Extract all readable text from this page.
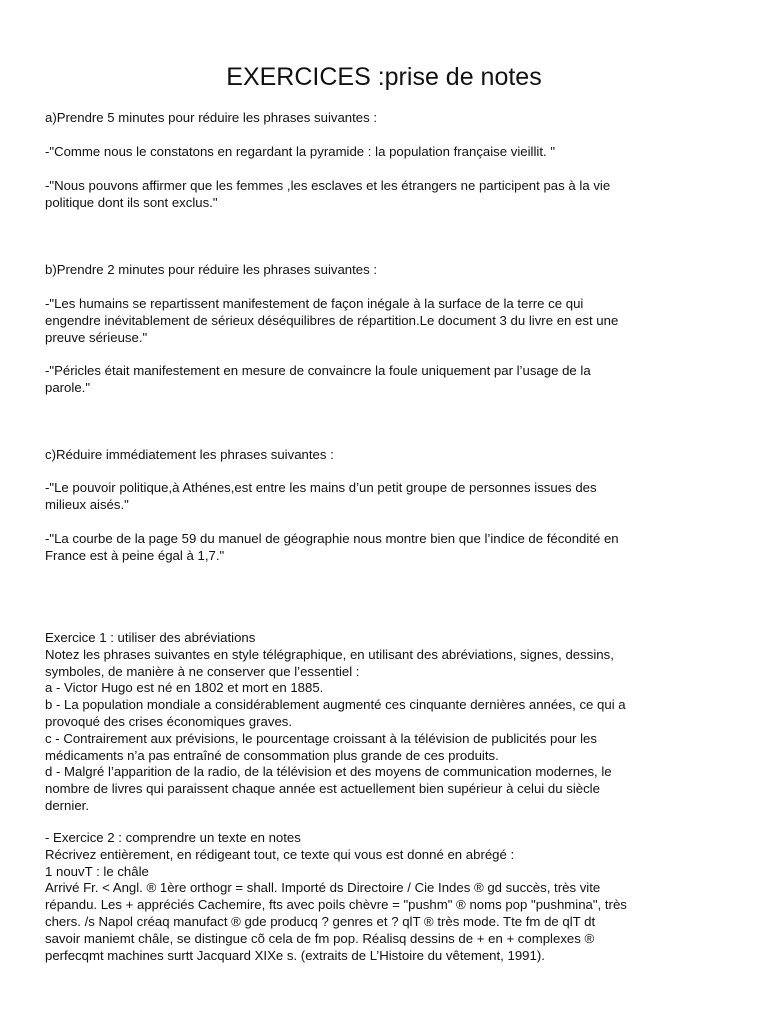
EXERCICES :prise de notes

a)Prendre 5 minutes pour réduire les phrases suivantes :

-"Comme nous le constatons en regardant la pyramide : la population française vieillit. "

-"Nous pouvons affirmer que les femmes ,les esclaves et les étrangers ne participent pas à la vie
politique dont ils sont exclus."

b)Prendre 2 minutes pour réduire les phrases suivantes :

-"Les humains se repartissent manifestement de façon inégale à la surface de la terre ce qui
engendre inévitablement de sérieux déséquilibres de répartition.Le document 3 du livre en est une
preuve sérieuse."

-"Péricles était manifestement en mesure de convaincre la foule uniquement par l’usage de la
parole."

c)Réduire immédiatement les phrases suivantes :

-"Le pouvoir politique,à Athénes,est entre les mains d’un petit groupe de personnes issues des
milieux aisés."

-"La courbe de la page 59 du manuel de géographie nous montre bien que l’indice de fécondité en
France est à peine égal à 1,7."

Exercice 1 : utiliser des abréviations
Notez les phrases suivantes en style télégraphique, en utilisant des abréviations, signes, dessins,
symboles, de manière à ne conserver que l’essentiel :
a - Victor Hugo est né en 1802 et mort en 1885.
b - La population mondiale a considérablement augmenté ces cinquante dernières années, ce qui a
provoqué des crises économiques graves.
c - Contrairement aux prévisions, le pourcentage croissant à la télévision de publicités pour les
médicaments n’a pas entraîné de consommation plus grande de ces produits.
d - Malgré l’apparition de la radio, de la télévision et des moyens de communication modernes, le
nombre de livres qui paraissent chaque année est actuellement bien supérieur à celui du siècle
dernier.

- Exercice 2 : comprendre un texte en notes
Récrivez entièrement, en rédigeant tout, ce texte qui vous est donné en abrégé :
1 nouvT : le châle
Arrivé Fr. < Angl. ® 1ère orthogr = shall. Importé ds Directoire / Cie Indes ® gd succès, très vite
répandu. Les + appréciés Cachemire, fts avec poils chèvre = "pushm" ® noms pop "pushmina", très
chers. /s Napol créaq manufact ® gde producq ? genres et ? qlT ® très mode. Tte fm de qlT dt
savoir maniemt châle, se distingue cõ cela de fm pop. Réalisq dessins de + en + complexes ®
perfecqmt machines surtt Jacquard XIXe s. (extraits de L’Histoire du vêtement, 1991).
